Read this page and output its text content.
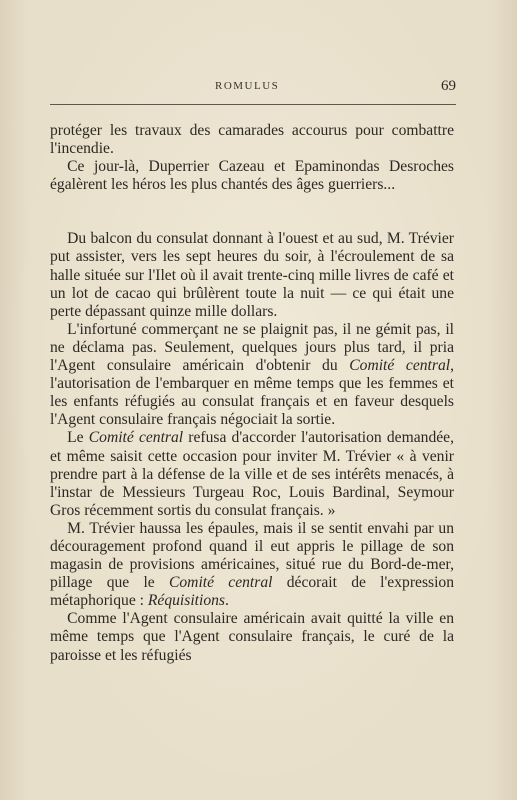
ROMULUS	69

protéger les travaux des camarades accourus pour combattre l'incendie.

Ce jour-là, Duperrier Cazeau et Epaminondas Desroches égalèrent les héros les plus chantés des âges guerriers...

Du balcon du consulat donnant à l'ouest et au sud, M. Trévier put assister, vers les sept heures du soir, à l'écroulement de sa halle située sur l'Ilet où il avait trente-cinq mille livres de café et un lot de cacao qui brûlèrent toute la nuit — ce qui était une perte dépassant quinze mille dollars.

L'infortuné commerçant ne se plaignit pas, il ne gémit pas, il ne déclama pas. Seulement, quelques jours plus tard, il pria l'Agent consulaire américain d'obtenir du Comité central, l'autorisation de l'embarquer en même temps que les femmes et les enfants réfugiés au consulat français et en faveur desquels l'Agent consulaire français négociait la sortie.

Le Comité central refusa d'accorder l'autorisation demandée, et même saisit cette occasion pour inviter M. Trévier « à venir prendre part à la défense de la ville et de ses intérêts menacés, à l'instar de Messieurs Turgeau Roc, Louis Bardinal, Seymour Gros récemment sortis du consulat français. »

M. Trévier haussa les épaules, mais il se sentit envahi par un découragement profond quand il eut appris le pillage de son magasin de provisions américaines, situé rue du Bord-de-mer, pillage que le Comité central décorait de l'expression métaphorique : Réquisitions.

Comme l'Agent consulaire américain avait quitté la ville en même temps que l'Agent consulaire français, le curé de la paroisse et les réfugiés
